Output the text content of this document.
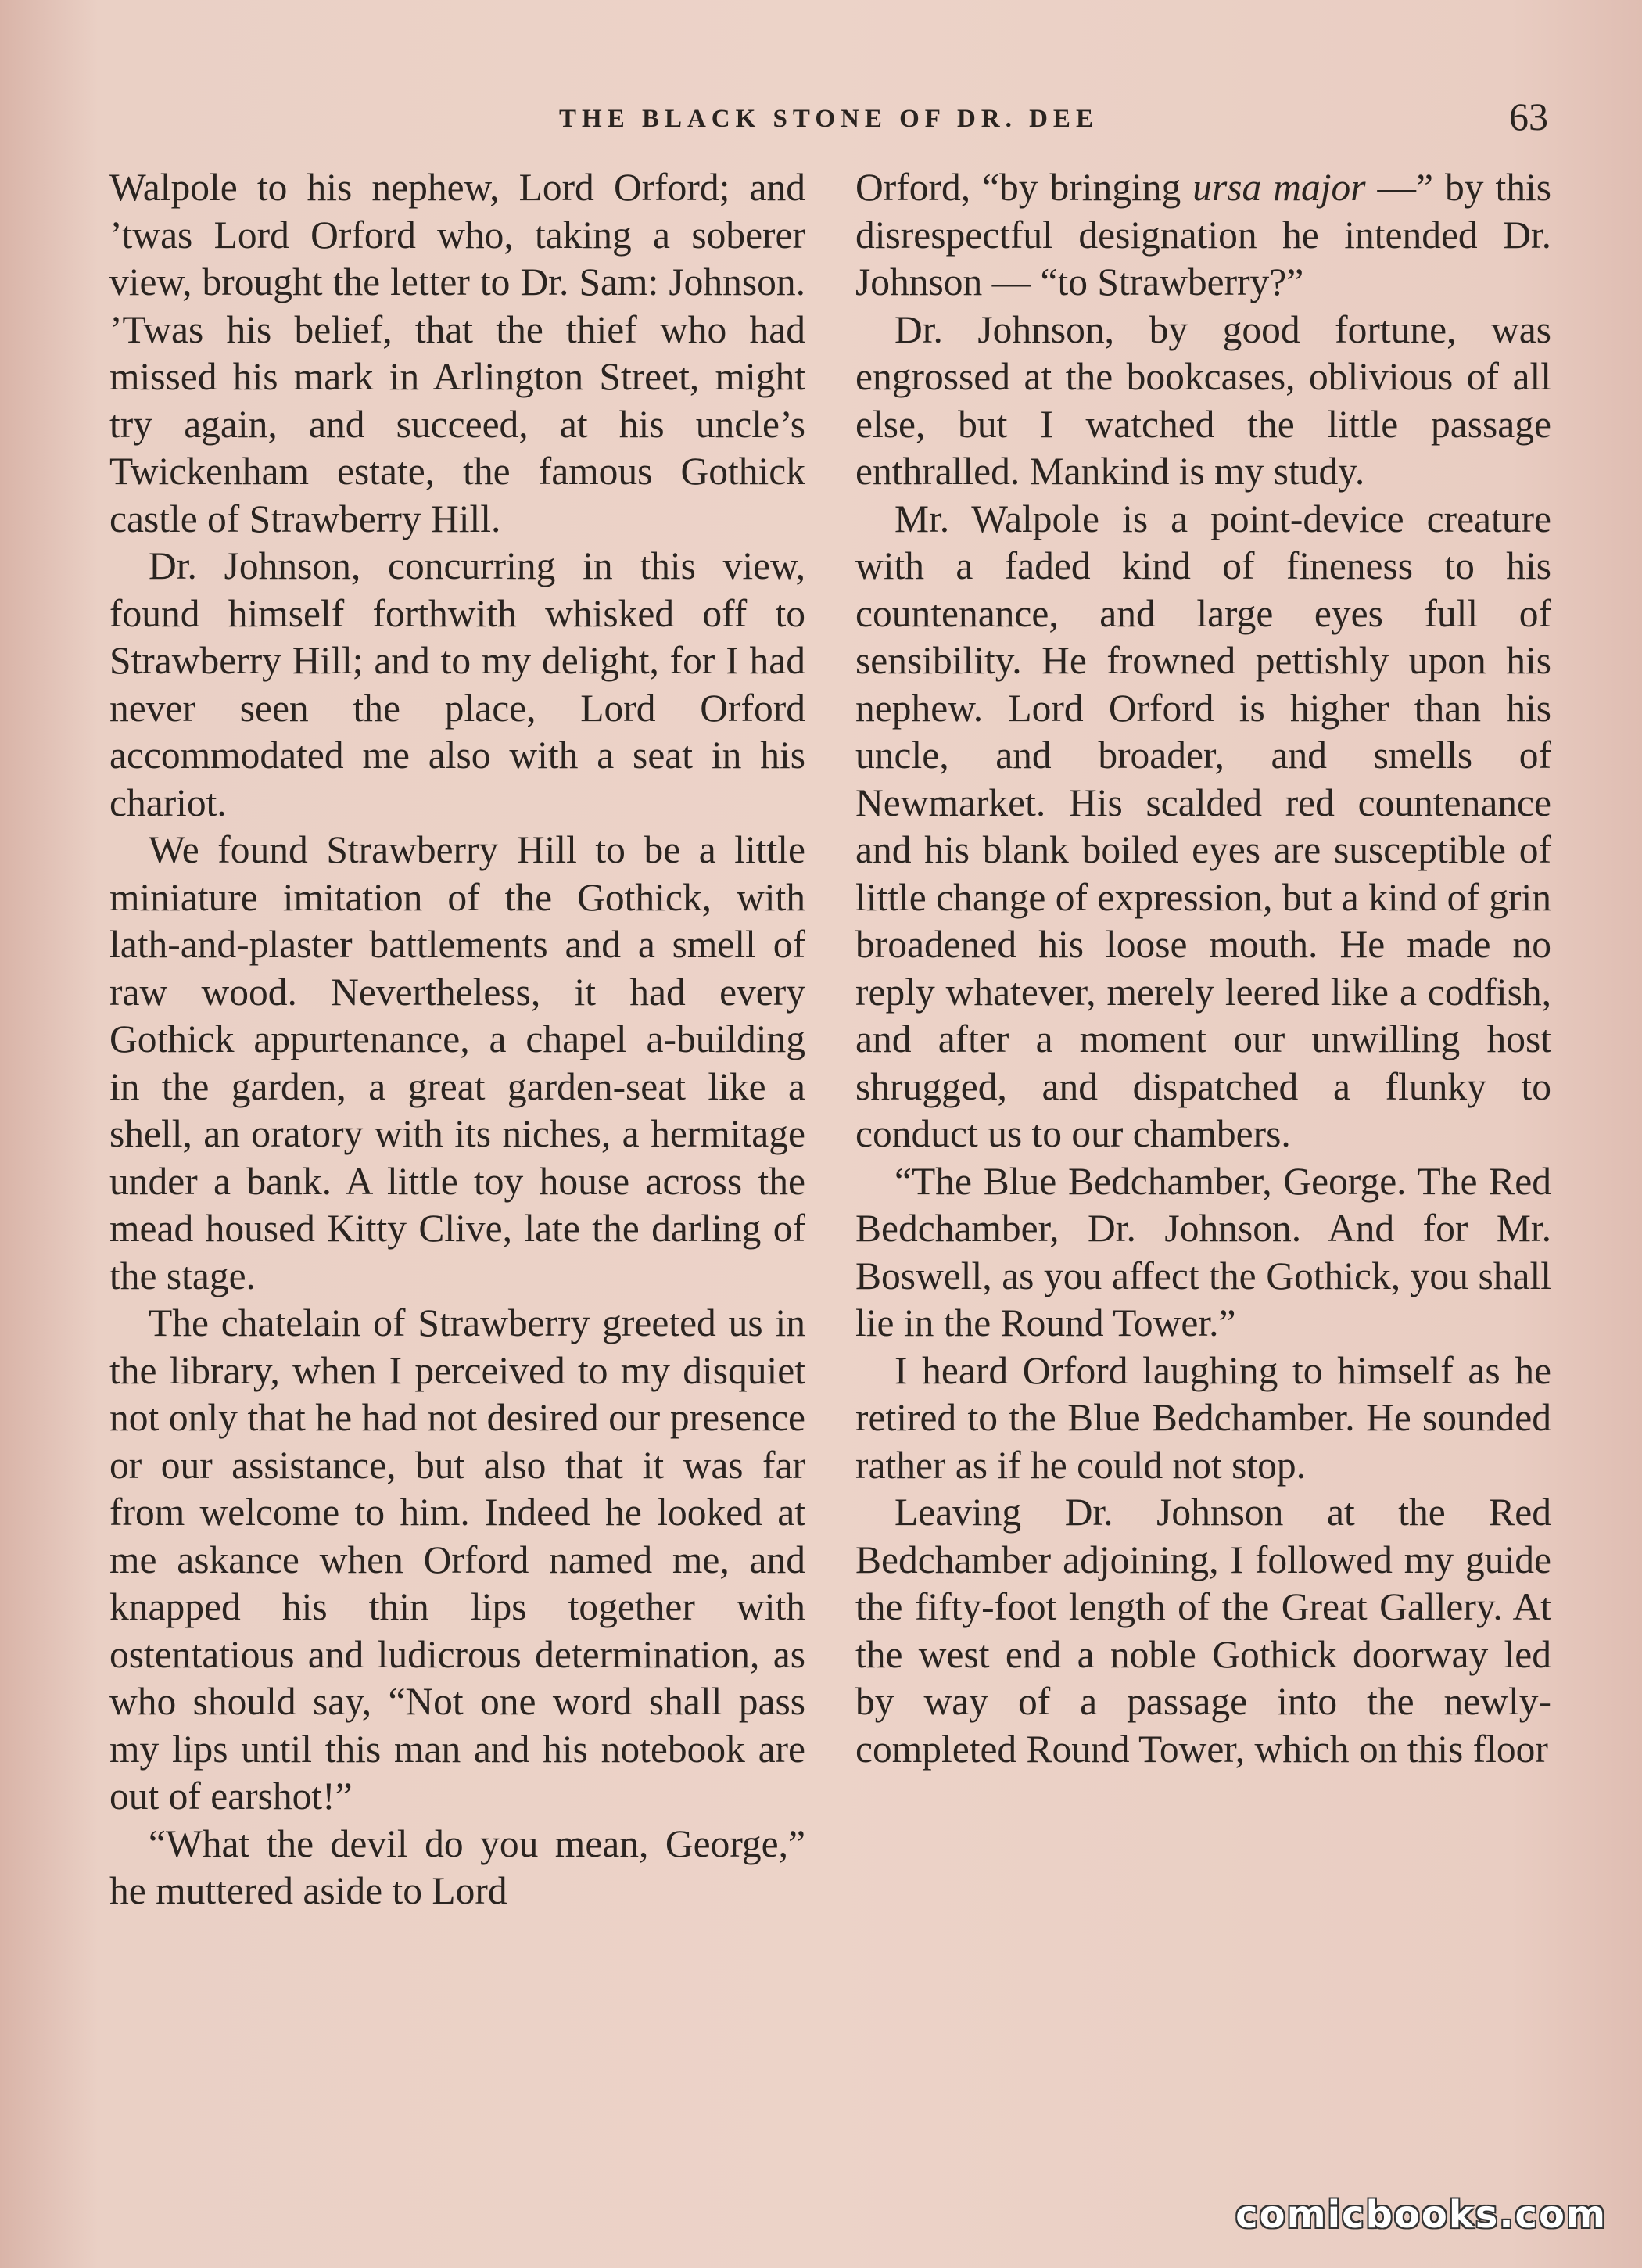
THE BLACK STONE OF DR. DEE	63

Walpole to his nephew, Lord Orford; and ’twas Lord Orford who, taking a soberer view, brought the letter to Dr. Sam: Johnson. ’Twas his belief, that the thief who had missed his mark in Arlington Street, might try again, and succeed, at his uncle’s Twickenham estate, the famous Gothick castle of Strawberry Hill.

Dr. Johnson, concurring in this view, found himself forthwith whisked off to Strawberry Hill; and to my delight, for I had never seen the place, Lord Orford accommodated me also with a seat in his chariot.

We found Strawberry Hill to be a little miniature imitation of the Gothick, with lath-and-plaster battlements and a smell of raw wood. Nevertheless, it had every Gothick appurtenance, a chapel a-building in the garden, a great garden-seat like a shell, an oratory with its niches, a hermitage under a bank. A little toy house across the mead housed Kitty Clive, late the darling of the stage.

The chatelain of Strawberry greeted us in the library, when I perceived to my disquiet not only that he had not desired our presence or our assistance, but also that it was far from welcome to him. Indeed he looked at me askance when Orford named me, and knapped his thin lips together with ostentatious and ludicrous determination, as who should say, “Not one word shall pass my lips until this man and his notebook are out of earshot!”

“What the devil do you mean, George,” he muttered aside to Lord

Orford, “by bringing ursa major —” by this disrespectful designation he intended Dr. Johnson — “to Strawberry?”

Dr. Johnson, by good fortune, was engrossed at the bookcases, oblivious of all else, but I watched the little passage enthralled. Mankind is my study.

Mr. Walpole is a point-device creature with a faded kind of fineness to his countenance, and large eyes full of sensibility. He frowned pettishly upon his nephew. Lord Orford is higher than his uncle, and broader, and smells of Newmarket. His scalded red countenance and his blank boiled eyes are susceptible of little change of expression, but a kind of grin broadened his loose mouth. He made no reply whatever, merely leered like a codfish, and after a moment our unwilling host shrugged, and dispatched a flunky to conduct us to our chambers.

“The Blue Bedchamber, George. The Red Bedchamber, Dr. Johnson. And for Mr. Boswell, as you affect the Gothick, you shall lie in the Round Tower.”

I heard Orford laughing to himself as he retired to the Blue Bedchamber. He sounded rather as if he could not stop.

Leaving Dr. Johnson at the Red Bedchamber adjoining, I followed my guide the fifty-foot length of the Great Gallery. At the west end a noble Gothick doorway led by way of a passage into the newly-completed Round Tower, which on this floor

comicbooks.com
